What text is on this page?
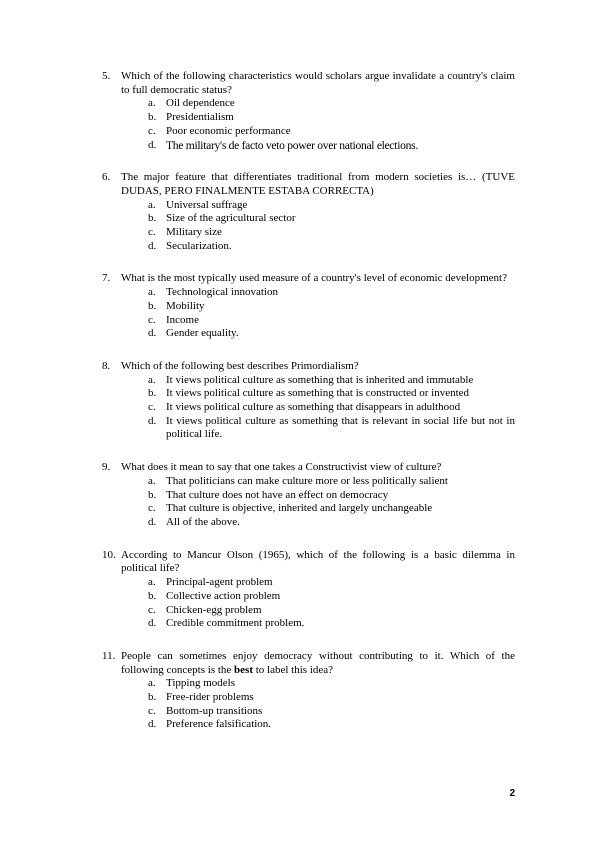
5. Which of the following characteristics would scholars argue invalidate a country's claim to full democratic status?
a. Oil dependence
b. Presidentialism
c. Poor economic performance
d. The military's de facto veto power over national elections.
6. The major feature that differentiates traditional from modern societies is… (TUVE DUDAS, PERO FINALMENTE ESTABA CORRECTA)
a. Universal suffrage
b. Size of the agricultural sector
c. Military size
d. Secularization.
7. What is the most typically used measure of a country's level of economic development?
a. Technological innovation
b. Mobility
c. Income
d. Gender equality.
8. Which of the following best describes Primordialism?
a. It views political culture as something that is inherited and immutable
b. It views political culture as something that is constructed or invented
c. It views political culture as something that disappears in adulthood
d. It views political culture as something that is relevant in social life but not in political life.
9. What does it mean to say that one takes a Constructivist view of culture?
a. That politicians can make culture more or less politically salient
b. That culture does not have an effect on democracy
c. That culture is objective, inherited and largely unchangeable
d. All of the above.
10. According to Mancur Olson (1965), which of the following is a basic dilemma in political life?
a. Principal-agent problem
b. Collective action problem
c. Chicken-egg problem
d. Credible commitment problem.
11. People can sometimes enjoy democracy without contributing to it. Which of the following concepts is the best to label this idea?
a. Tipping models
b. Free-rider problems
c. Bottom-up transitions
d. Preference falsification.
2
